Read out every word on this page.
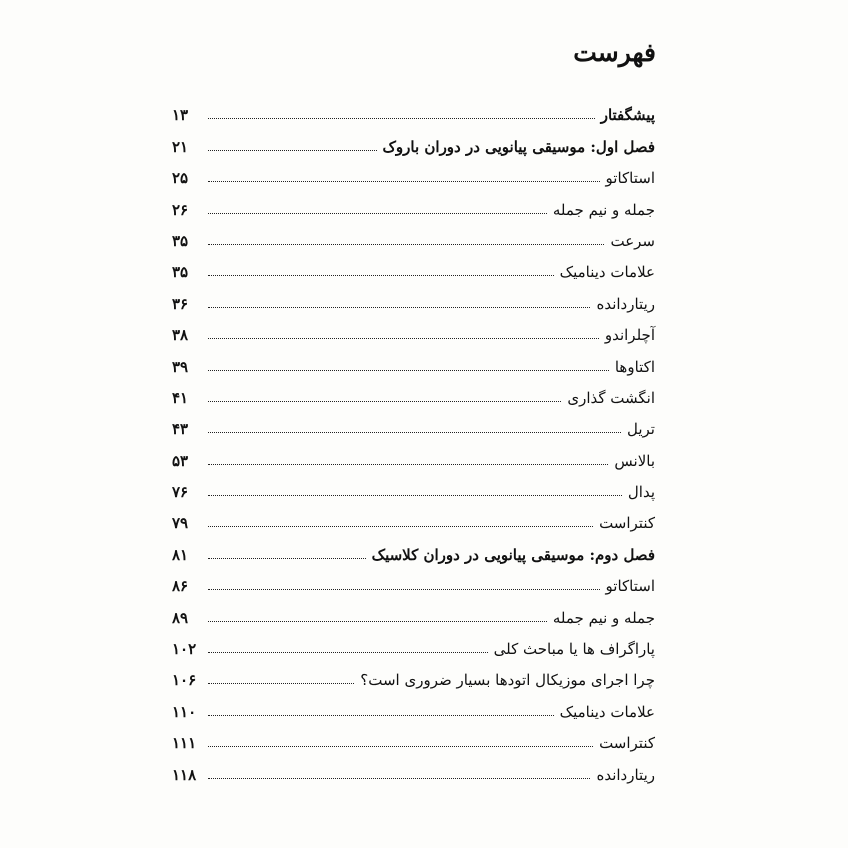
فهرست
پیشگفتار
۱۳
فصل اول: موسیقی پیانویی در دوران باروک
۲۱
استاکاتو
۲۵
جمله و نیم جمله
۲۶
سرعت
۳۵
علامات دینامیک
۳۵
ریتاردانده
۳۶
آچلراندو
۳۸
اکتاوها
۳۹
انگشت گذاری
۴۱
تریل
۴۳
بالانس
۵۳
پدال
۷۶
کنتراست
۷۹
فصل دوم: موسیقی پیانویی در دوران کلاسیک
۸۱
استاکاتو
۸۶
جمله و نیم جمله
۸۹
پاراگراف ها یا مباحث کلی
۱۰۲
چرا اجرای موزیکال اتودها بسیار ضروری است؟
۱۰۶
علامات دینامیک
۱۱۰
کنتراست
۱۱۱
ریتاردانده
۱۱۸
